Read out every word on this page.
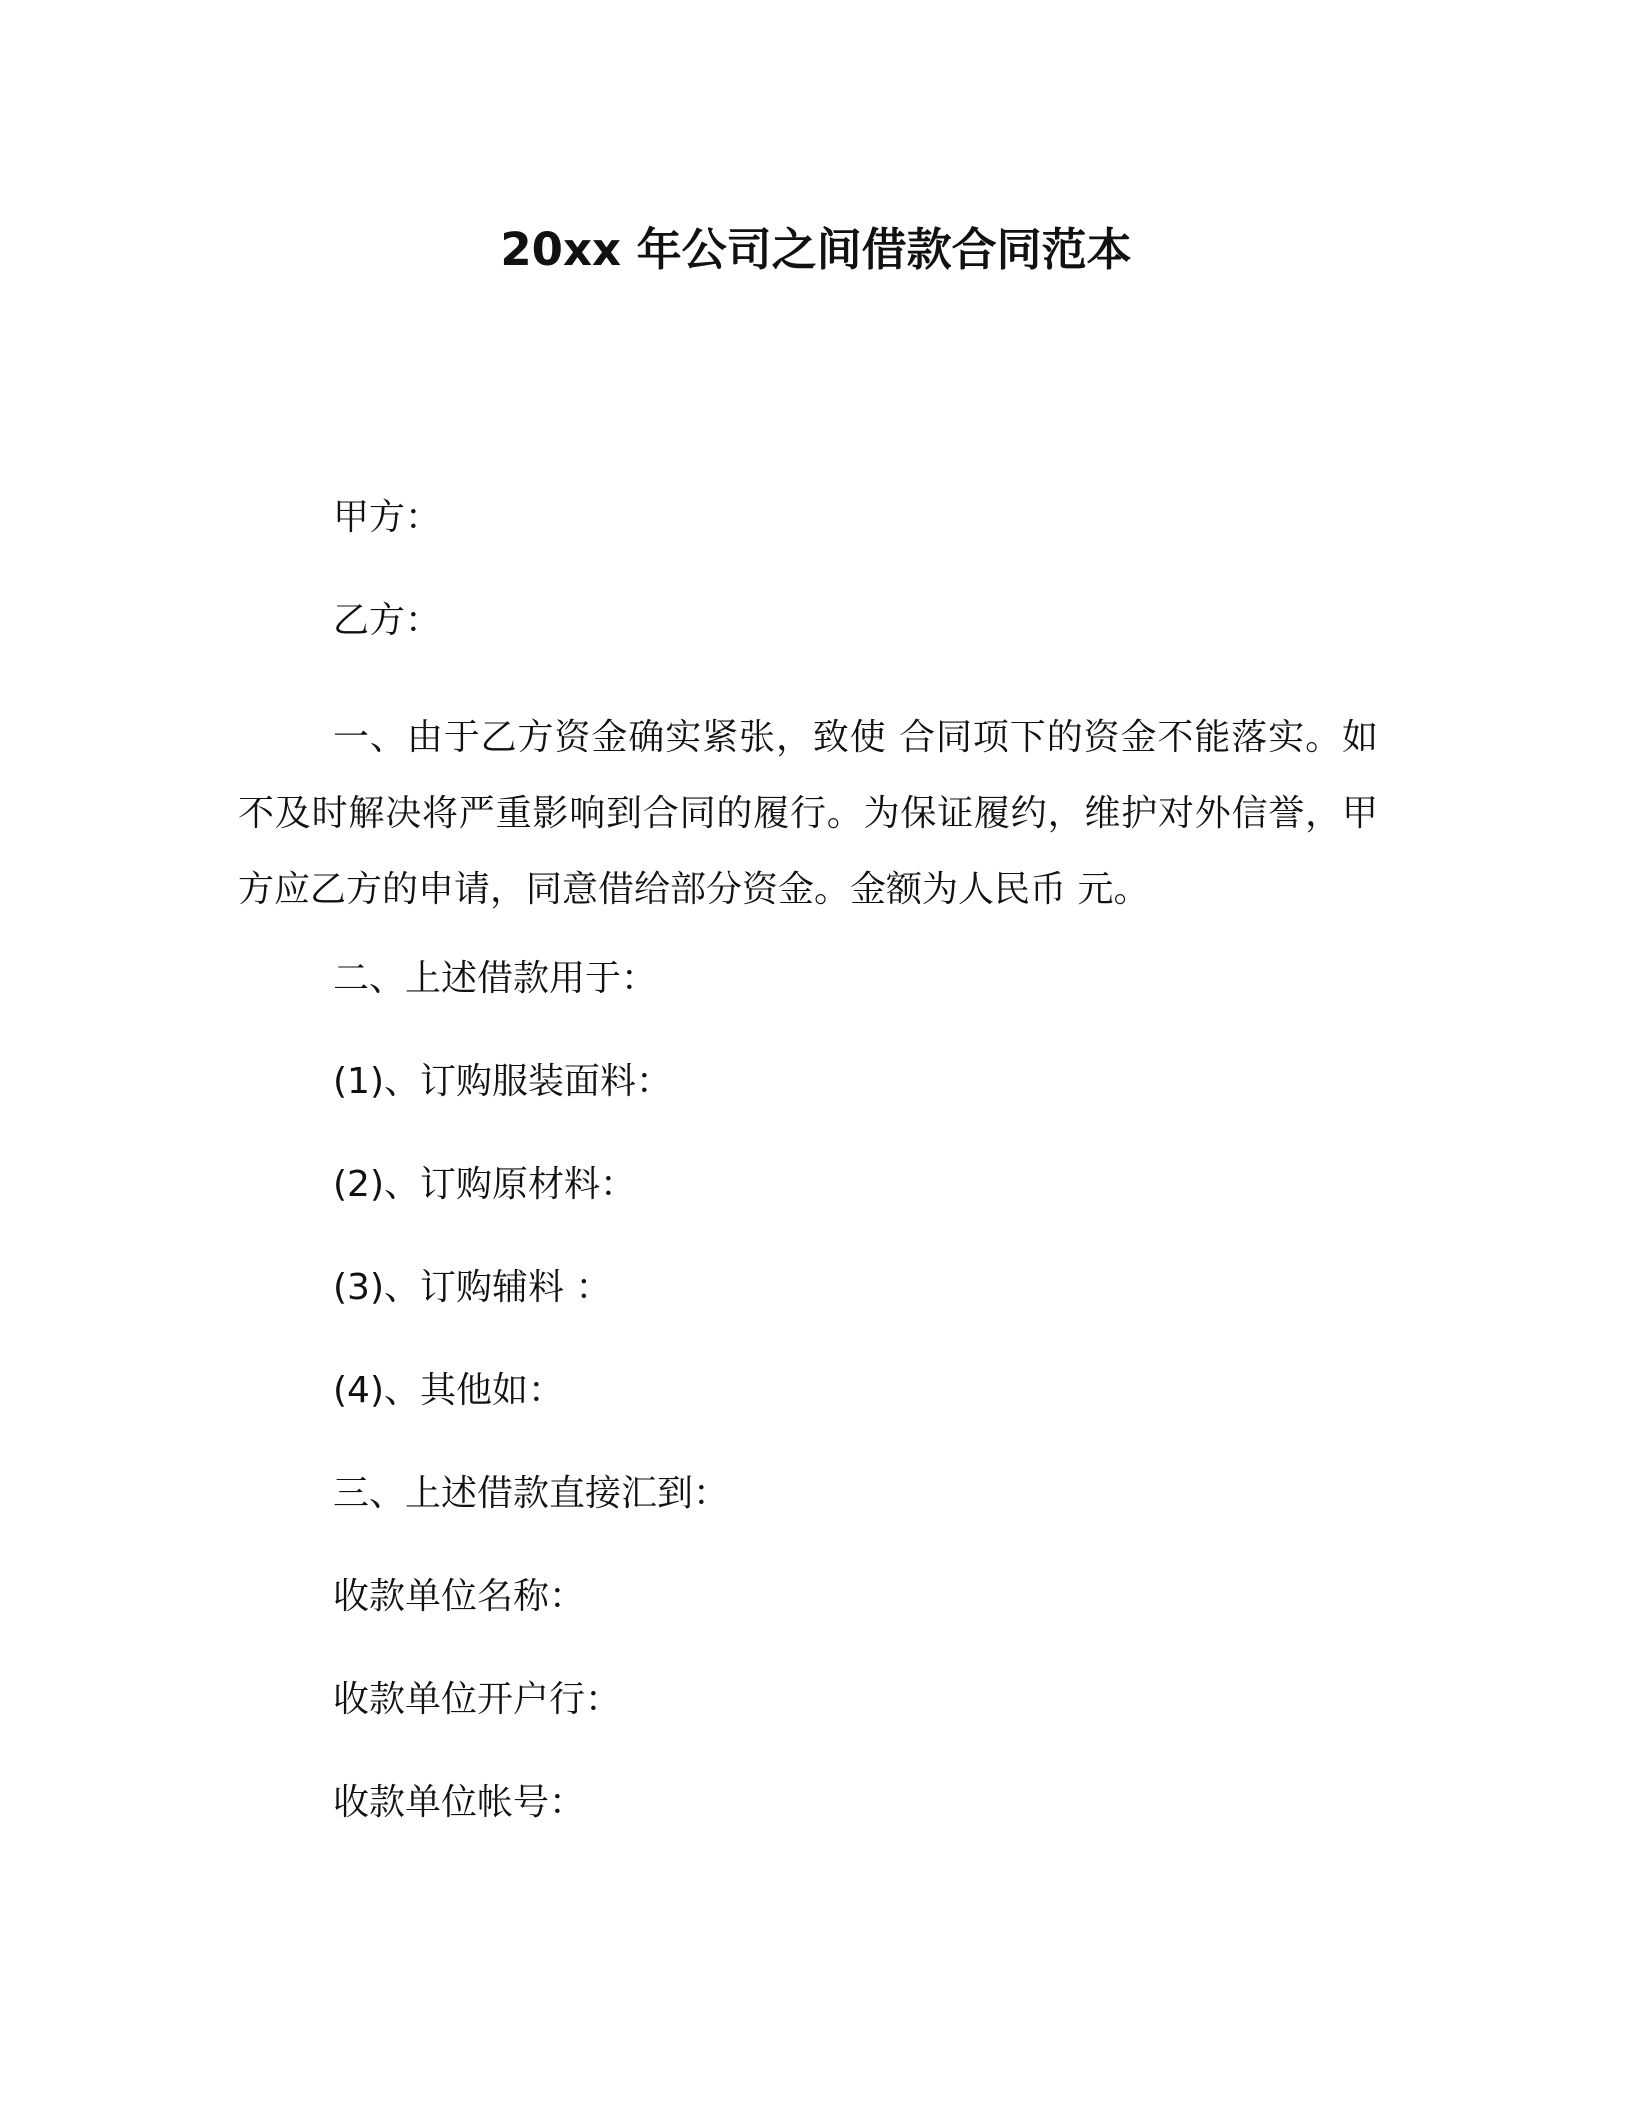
20xx 年公司之间借款合同范本
甲方：
乙方：
一、由于乙方资金确实紧张，致使 合同项下的资金不能落实。如不及时解决将严重影响到合同的履行。为保证履约，维护对外信誉，甲方应乙方的申请，同意借给部分资金。金额为人民币 元。
二、上述借款用于：
(1)、订购服装面料：
(2)、订购原材料：
(3)、订购辅料 ：
(4)、其他如：
三、上述借款直接汇到：
收款单位名称：
收款单位开户行：
收款单位帐号：
